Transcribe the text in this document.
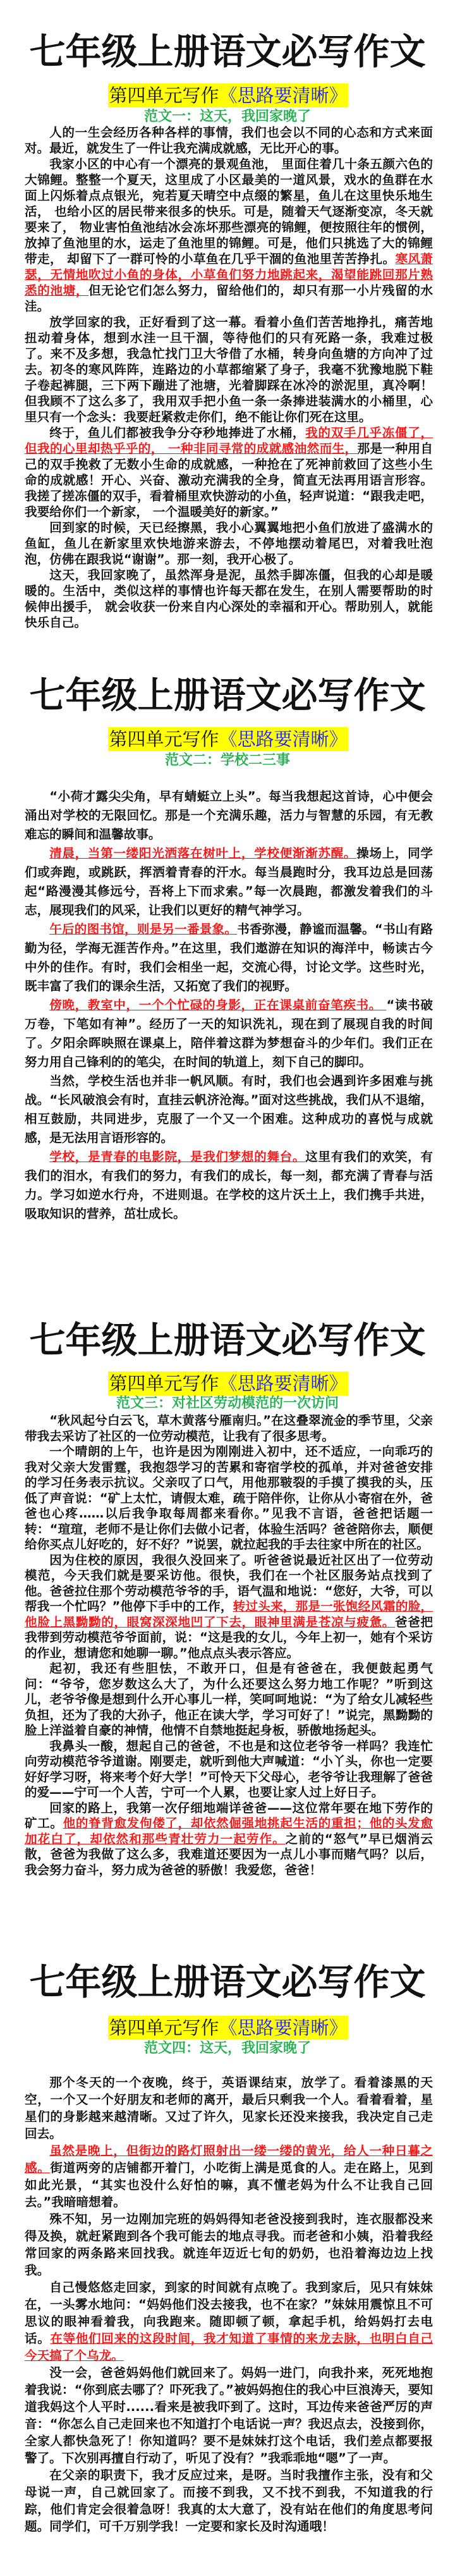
七年级上册语文必写作文
第四单元写作《思路要清晰》
范文一：这天，我回家晚了

人的一生会经历各种各样的事情，我们也会以不同的心态和方式来面对。最近，就发生了一件让我充满成就感，无比开心的事。

我家小区的中心有一个漂亮的景观鱼池， 里面住着几十条五颜六色的大锦鲤。整整一个夏天，这里成了小区最美的一道风景，戏水的鱼群在水面上闪烁着点点银光，宛若夏天晴空中点缀的繁星，鱼儿在这里快乐地生活， 也给小区的居民带来很多的快乐。可是，随着天气逐渐变凉，冬天就要来了， 物业害怕鱼池结冰会冻坏那些漂亮的锦鲤，便按照往年的惯例，放掉了鱼池里的水，运走了鱼池里的锦鲤。可是，他们只挑选了大的锦鲤带走， 却留下了一群可怜的小草鱼在几乎干涸的鱼池里苦苦挣扎。寒风萧瑟，无情地吹过小鱼的身体，小草鱼们努力地跳起来，渴望能跳回那片熟悉的池塘，但无论它们怎么努力，留给他们的，却只有那一小片残留的水洼。

放学回家的我，正好看到了这一幕。看着小鱼们苦苦地挣扎，痛苦地扭动着身体，想到水洼一旦干涸，等待他们的只有死路一条，我难过极了。来不及多想，我急忙找门卫大爷借了水桶，转身向鱼塘的方向冲了过去。初冬的寒风阵阵，连路边的小草都缩紧了身子，我毫不犹豫地脱下鞋子卷起裤腿，三下两下蹦进了池塘，光着脚踩在冰冷的淤泥里，真冷啊！但我顾不了这么多了，我用双手把小鱼一条一条捧进装满水的小桶里，心里只有一个念头：我要赶紧救走你们，绝不能让你们死在这里。

终于，鱼儿们都被我争分夺秒地捧进了水桶，我的双手几乎冻僵了，但我的心里却热乎乎的， 一种非同寻常的成就感油然而生，那是一种用自己的双手挽救了无数小生命的成就感，一种抢在了死神前救回了这些小生命的成就感！开心、兴奋、激动充满我的全身，简直无法再用语言形容。我搓了搓冻僵的双手，看着桶里欢快游动的小鱼，轻声说道：“跟我走吧，我要给你们一个新家， 一个温暖美好的新家。”

回到家的时候，天已经擦黑，我小心翼翼地把小鱼们放进了盛满水的鱼缸，鱼儿在新家里欢快地游来游去，不停地摆动着尾巴，对着我吐泡泡，仿佛在跟我说“谢谢”。那一刻，我开心极了。

这天，我回家晚了，虽然浑身是泥，虽然手脚冻僵，但我的心却是暖暖的。生活中，类似这样的事情也许每天都在发生，在别人需要帮助的时候伸出援手， 就会收获一份来自内心深处的幸福和开心。帮助别人，就能快乐自己。

七年级上册语文必写作文
第四单元写作《思路要清晰》
范文二：学校二三事

“小荷才露尖尖角，早有蜻蜓立上头”。每当我想起这首诗，心中便会涌出对学校的无限回忆。那是一个充满乐趣，活力与智慧的乐园，有无教难忘的瞬间和温馨故事。

清晨，当第一缕阳光洒落在树叶上，学校便渐渐苏醒。操场上，同学们或奔跑，或跳跃，挥洒着青春的汗水。每当晨跑时分，我耳边总是回荡起“路漫漫其修远兮，吾将上下而求索。”每一次晨跑，都激发着我们的斗志，展现我们的风采，让我们以更好的精气神学习。

午后的图书馆，则是另一番景象。书香弥漫，静谧而温馨。“书山有路勤为径，学海无涯苦作舟。”在这里，我们遨游在知识的海洋中，畅读古今中外的佳作。有时，我们会相坐一起，交流心得，讨论文学。这些时光，既丰富了我们的课余生活，又拓宽了我们的视野。

傍晚，教室中，一个个忙碌的身影，正在课桌前奋笔疾书。 “读书破万卷，下笔如有神”。经历了一天的知识洗礼，现在到了展现自我的时间了。夕阳余晖映照在课桌上，陪伴着这群为梦想奋斗的少年们。我们正在努力用自己锋利的的笔尖，在时间的轨道上，刻下自己的脚印。

当然，学校生活也并非一帆风顺。有时，我们也会遇到许多困难与挑战。“长风破浪会有时，直挂云帆济沧海。”面对这些挑战，我们从不退缩，相互鼓励，共同进步，克服了一个又一个困难。这种成功的喜悦与成就感，是无法用言语形容的。

学校，是青春的电影院，是我们梦想的舞台。这里有我们的欢笑，有我们的泪水，有我们的努力，有我们的成长，每一刻，都充满了青春与活力。学习如逆水行舟，不进则退。在学校的这片沃土上，我们携手共进，吸取知识的营养，茁壮成长。

七年级上册语文必写作文
第四单元写作《思路要清晰》
范文三：对社区劳动模范的一次访问

“秋风起兮白云飞，草木黄落兮雁南归。”在这叠翠流金的季节里，父亲带我去采访了社区的一位劳动模范，让我有了很多思考。

一个晴朗的上午，也许是因为刚刚进入初中，还不适应，一向乖巧的我对父亲大发雷霆，我抱怨学习的苦累和寄宿学校的孤单，并对爸爸安排的学习任务表示抗议。父亲叹了口气，用他那皲裂的手摸了摸我的头，压低了声音说：“矿上太忙，请假太难，疏于陪伴你，让你从小寄宿在外，爸爸也心疼……以后我争取每周都来看你。”见我不言语，爸爸把话题一转：“瑄瑄，老师不是让你们去做小记者，体验生活吗？爸爸陪你去，顺便给你买点儿好吃的，好不好？”说罢，就拉起我的手去往家中所在的社区。

因为住校的原因，我很久没回来了。听爸爸说最近社区出了一位劳动模范，今天我们就是要采访他。很快，我们在一个社区服务站点找到了他。爸爸拉住那个劳动模范爷爷的手，语气温和地说：“您好，大爷，可以帮我一个忙吗？”他停下手中的工作，转过头来，那是一张饱经风霜的脸，他脸上黑黝黝的，眼窝深深地凹了下去，眼神里满是苍凉与疲惫。爸爸把我带到劳动模范爷爷面前，说：“这是我的女儿，今年上初一，她有个采访的作业，想请您和她聊一聊。”他点点头表示答应。

起初，我还有些胆怯，不敢开口，但是有爸爸在，我便鼓起勇气问：“爷爷，您岁数这么大了，为什么还要这么努力地工作呢？”听到这儿，老爷爷像是想到什么开心事儿一样，笑呵呵地说：“为了给女儿减轻些负担，还为了我的大孙子，他正在读大学，学习可好了！”说完，黑黝黝的脸上洋溢着自豪的神情，他情不自禁地挺起身板，骄傲地扬起头。

我鼻头一酸，想起自己的爸爸，不也是和这位老爷爷一样吗？我连忙向劳动模范爷爷道谢。刚要走，就听到他大声喊道：“小丫头，你也一定要好好学习呀，将来考个好大学！”可怜天下父母心，老爷爷让我理解了爸爸的爱——宁可一个人苦，宁可一个人累，也要让家人过上好日子。

回家的路上，我第一次仔细地端详爸爸——这位常年要在地下劳作的矿工。他的脊背愈发佝偻了，却依然倔强地挑起生活的重担；他的头发愈加花白了，却依然和那些青壮劳力一起劳作。之前的“怒气”早已烟消云散，爸爸为我做了这么多，我难道还要因为一点儿小事而赌气吗？以后，我会努力奋斗，努力成为爸爸的骄傲！我爱您，爸爸！

七年级上册语文必写作文
第四单元写作《思路要清晰》
范文四：这天，我回家晚了

那个冬天的一个夜晚，终于，英语课结束，放学了。看着漆黑的天空，一个又一个好朋友和老师的离开，最后只剩我一个人。看着看着，星星们的身影越来越清晰。又过了许久，见家长还没来接我，我决定自己走回去。

虽然是晚上，但街边的路灯照射出一缕一缕的黄光，给人一种日暮之感。街道两旁的店铺都开着门，小吃街上满是觅食的人。走在路上，见到如此光景，“其实也没什么好怕的嘛，真不懂老妈为什么不让我自己回去。”我暗暗想着。

殊不知，另一边刚加完班的妈妈得知老爸没接到我时，连衣服都没来得及换，就赶紧跑到各个我可能去的地点寻我。而老爸和小姨，沿着我经常回家的两条路来回找我。就连年迈近七旬的奶奶，也沿着海边边上找我。

自己慢悠悠走回家，到家的时间就有点晚了。我到家后，见只有妹妹在，一头雾水地问：“妈妈他们没去接我，也不在家？”妹妹用震惊且不可思议的眼神看着我，向我跑来。随即顿了顿，拿起手机，给妈妈打去电话。在等他们回来的这段时间，我才知道了事情的来龙去脉，也明白自己今天搞了个乌龙。

没一会，爸爸妈妈他们就回来了。妈妈一进门，向我扑来，死死地抱着我说：“你到底去哪了？吓死我了。”被妈妈抱住的我心中巨浪涛天，要知道我妈这个人平时......看来是被我吓到了。这时，耳边传来爸爸严厉的声音：“你怎么自己走回来也不知道打个电话说一声？我迟点去，没接到你，全家人都快急死了！你知道吗？要不是妹妹打这个电话，我们差点都要报警了。下次别再擅自行动了，听见了没有？”我乖乖地“嗯”了一声。

在父亲的职责下，我才反应过来，是呀。当时我擅作主张，没有和父母说一声，自己就回家了。而接不到我，又不找不到我，不知道我的行踪，他们肯定会很着急呀！我真的太大意了，没有站在他们的角度思考问题。同学们，可千万别学我！一定要和家长及时沟通哦！
